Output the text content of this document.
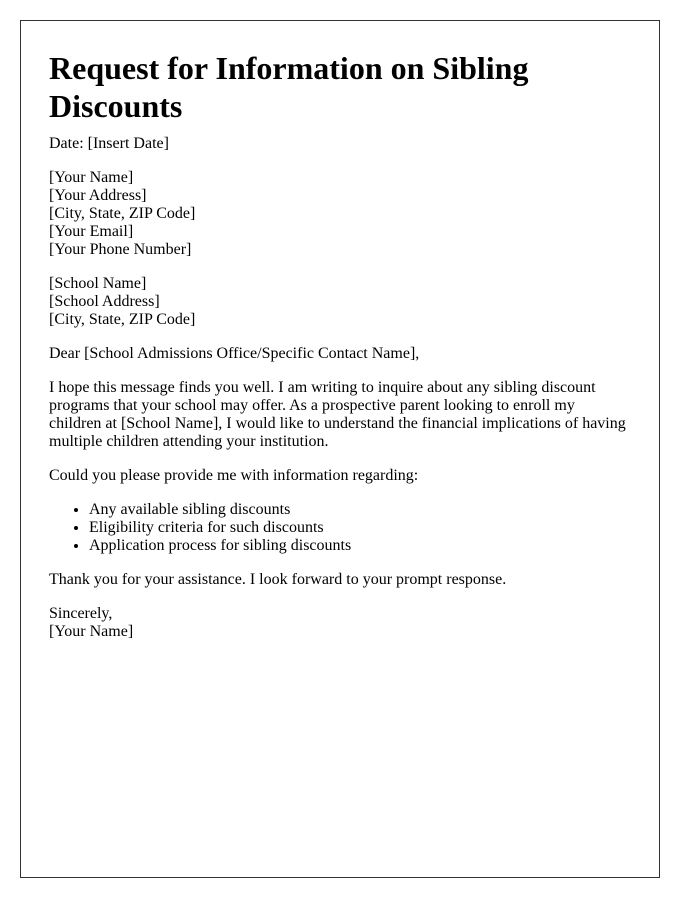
Request for Information on Sibling Discounts

Date: [Insert Date]

[Your Name]
[Your Address]
[City, State, ZIP Code]
[Your Email]
[Your Phone Number]
[School Name]
[School Address]
[City, State, ZIP Code]

Dear [School Admissions Office/Specific Contact Name],

I hope this message finds you well. I am writing to inquire about any sibling discount programs that your school may offer. As a prospective parent looking to enroll my children at [School Name], I would like to understand the financial implications of having multiple children attending your institution.

Could you please provide me with information regarding:

• Any available sibling discounts
• Eligibility criteria for such discounts
• Application process for sibling discounts

Thank you for your assistance. I look forward to your prompt response.

Sincerely,
[Your Name]
